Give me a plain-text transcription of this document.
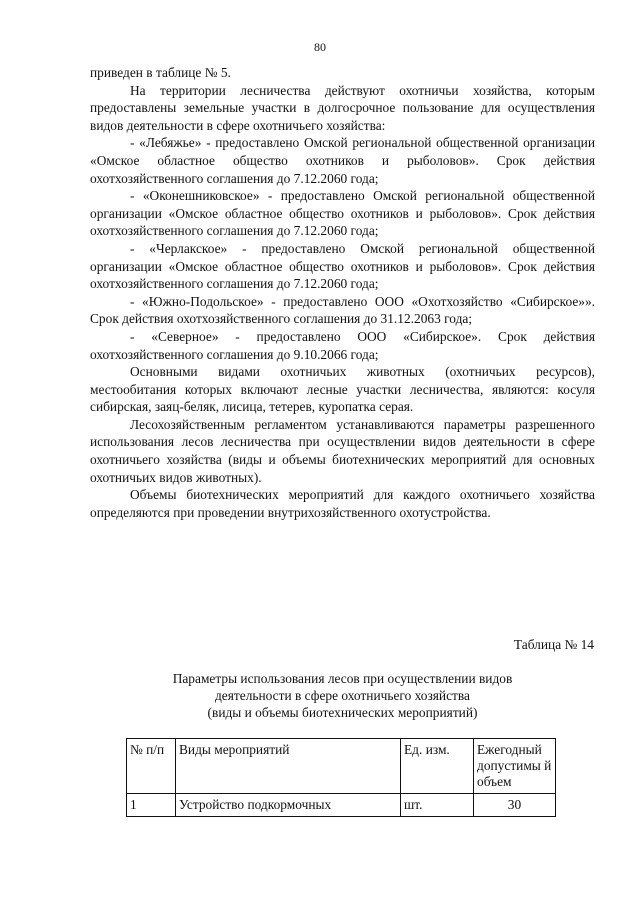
80

приведен в таблице № 5.

На территории лесничества действуют охотничьи хозяйства, которым предоставлены земельные участки в долгосрочное пользование для осуществления видов деятельности в сфере охотничьего хозяйства:

- «Лебяжье» - предоставлено Омской региональной общественной организации «Омское областное общество охотников и рыболовов». Срок действия охотхозяйственного соглашения до 7.12.2060 года;

- «Оконешниковское» - предоставлено Омской региональной общественной организации «Омское областное общество охотников и рыболовов». Срок действия охотхозяйственного соглашения до 7.12.2060 года;

- «Черлакское» - предоставлено Омской региональной общественной организации «Омское областное общество охотников и рыболовов». Срок действия охотхозяйственного соглашения до 7.12.2060 года;

- «Южно-Подольское» - предоставлено ООО «Охотхозяйство «Сибирское»». Срок действия охотхозяйственного соглашения до 31.12.2063 года;

- «Северное» - предоставлено ООО «Сибирское». Срок действия охотхозяйственного соглашения до 9.10.2066 года;

Основными видами охотничьих животных (охотничьих ресурсов), местообитания которых включают лесные участки лесничества, являются: косуля сибирская, заяц-беляк, лисица, тетерев, куропатка серая.

Лесохозяйственным регламентом устанавливаются параметры разрешенного использования лесов лесничества при осуществлении видов деятельности в сфере охотничьего хозяйства (виды и объемы биотехнических мероприятий для основных охотничьих видов животных).

Объемы биотехнических мероприятий для каждого охотничьего хозяйства определяются при проведении внутрихозяйственного охотустройства.

Таблица № 14
Параметры использования лесов при осуществлении видов
деятельности в сфере охотничьего хозяйства
(виды и объемы биотехнических мероприятий)
№ п/п	Виды мероприятий	Ед. изм.	Ежегодный допустимы й объем
1	Устройство подкормочных	шт.	30
